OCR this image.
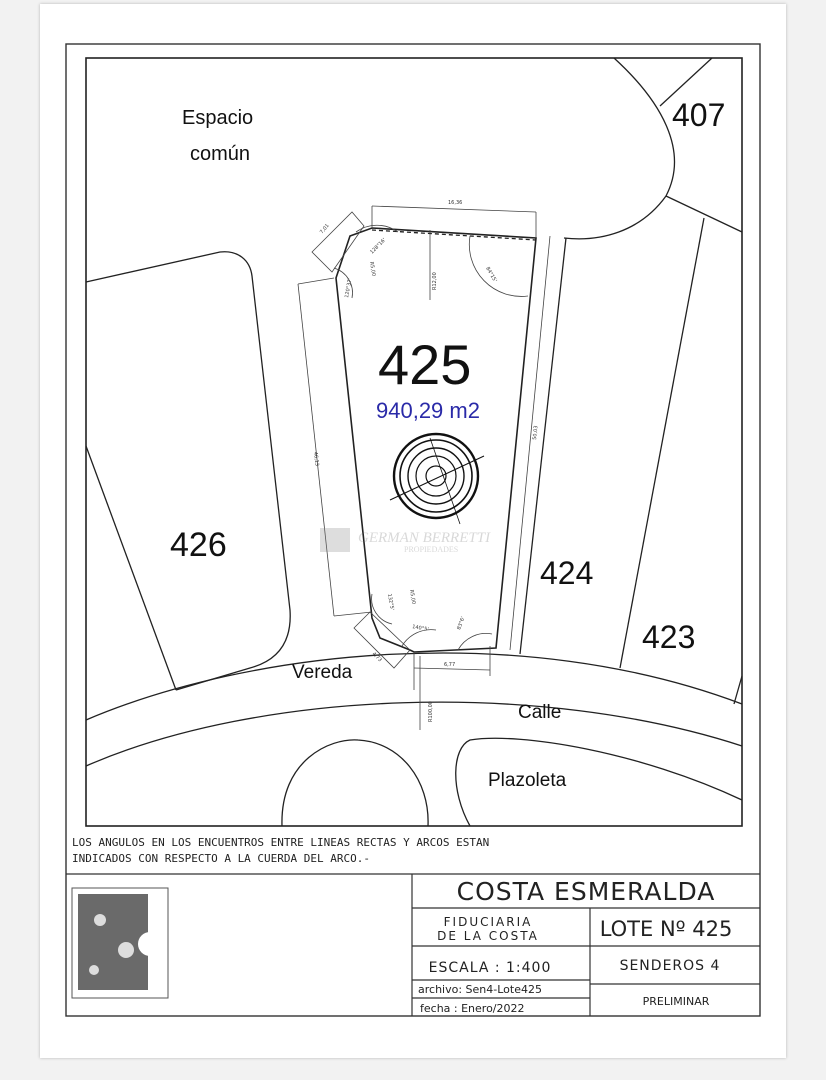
16,36
46,13
50,03
6,77
7,01
4,73
R12,00
R100,00
128°16'
120°37'
84°15'
132°5'
140°5'	83°6'
R5,00
R5,00
GERMAN BERRETTI
PROPIEDADES
425
940,29 m2
407
426
424
423
Espacio
común
Vereda
Calle
Plazoleta
LOS ANGULOS EN LOS ENCUENTROS ENTRE LINEAS RECTAS Y ARCOS ESTAN
INDICADOS CON RESPECTO A LA CUERDA DEL ARCO.-
COSTA ESMERALDA
FIDUCIARIA
DE LA COSTA	LOTE Nº 425
ESCALA : 1:400	SENDEROS 4
archivo: Sen4-Lote425
fecha : Enero/2022
PRELIMINAR
